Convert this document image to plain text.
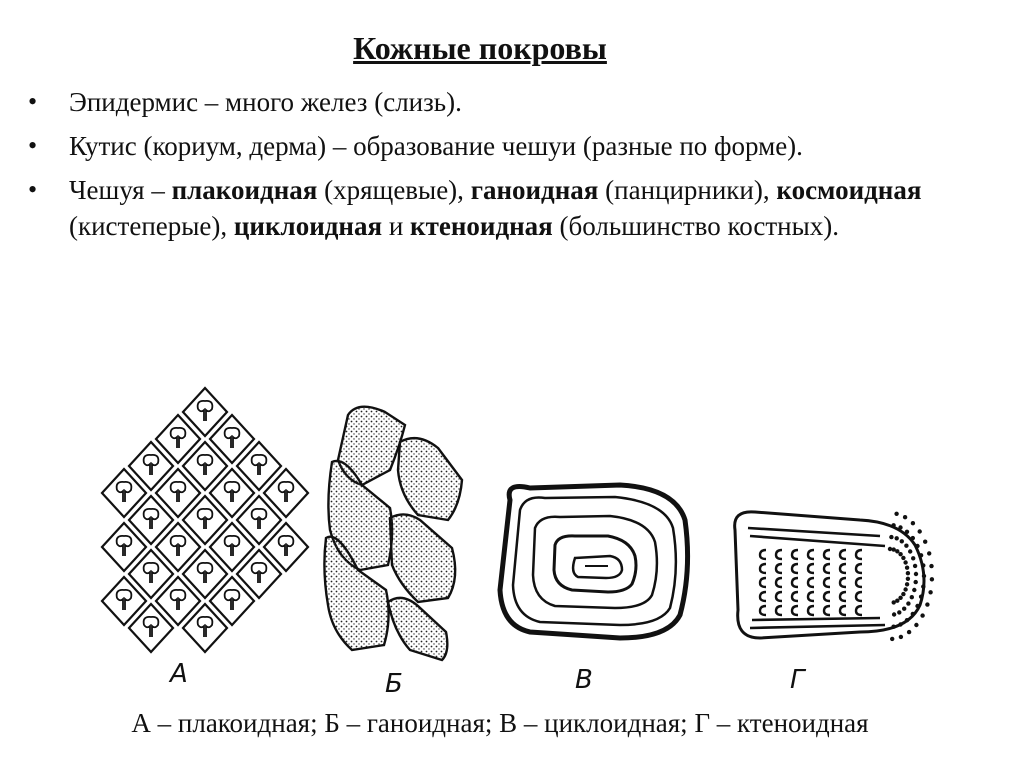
Кожные покровы
• Эпидермис – много желез (слизь).
• Кутис (кориум, дерма) – образование чешуи (разные по форме).
• Чешуя – плакоидная (хрящевые), ганоидная (панцирники), космоидная (кистеперые), циклоидная и ктеноидная (большинство костных).
А	Б	В	Г
А – плакоидная; Б – ганоидная; В – циклоидная; Г – ктеноидная
